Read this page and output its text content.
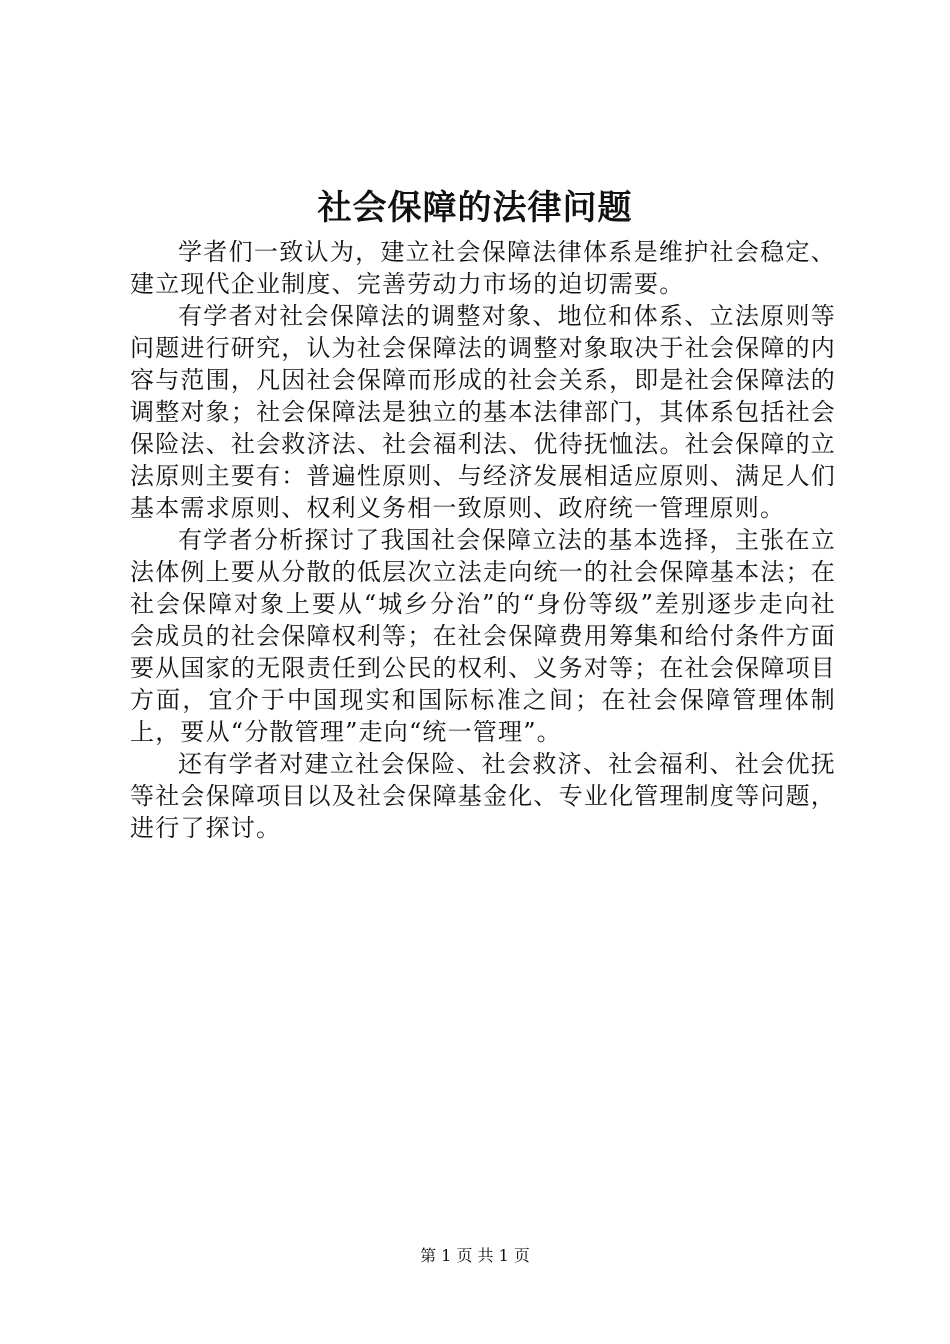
社会保障的法律问题

学者们一致认为，建立社会保障法律体系是维护社会稳定、建立现代企业制度、完善劳动力市场的迫切需要。

有学者对社会保障法的调整对象、地位和体系、立法原则等问题进行研究，认为社会保障法的调整对象取决于社会保障的内容与范围，凡因社会保障而形成的社会关系，即是社会保障法的调整对象；社会保障法是独立的基本法律部门，其体系包括社会保险法、社会救济法、社会福利法、优待抚恤法。社会保障的立法原则主要有：普遍性原则、与经济发展相适应原则、满足人们基本需求原则、权利义务相一致原则、政府统一管理原则。

有学者分析探讨了我国社会保障立法的基本选择，主张在立法体例上要从分散的低层次立法走向统一的社会保障基本法；在社会保障对象上要从“城乡分治”的“身份等级”差别逐步走向社会成员的社会保障权利等；在社会保障费用筹集和给付条件方面要从国家的无限责任到公民的权利、义务对等；在社会保障项目方面，宜介于中国现实和国际标准之间；在社会保障管理体制上，要从“分散管理”走向“统一管理”。

还有学者对建立社会保险、社会救济、社会福利、社会优抚等社会保障项目以及社会保障基金化、专业化管理制度等问题，进行了探讨。

第 1 页 共 1 页
